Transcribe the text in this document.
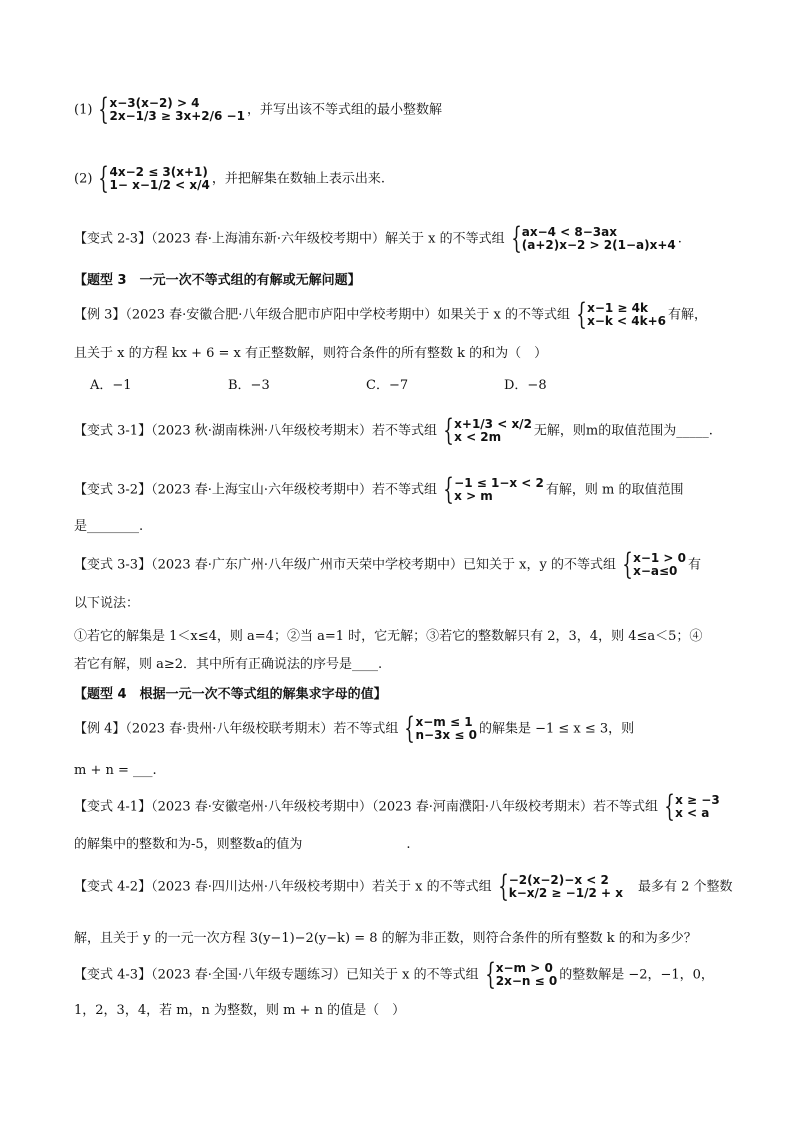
(1) { x−3(x−2) > 4
2x−1/3 ≥ 3x+2/6 −1 ，并写出该不等式组的最小整数解
(2) { 4x−2 ≤ 3(x+1)
1− x−1/2 < x/4 ，并把解集在数轴上表示出来.
【变式 2-3】（2023 春·上海浦东新·六年级校考期中）解关于 x 的不等式组 { ax−4 < 8−3ax
(a+2)x−2 > 2(1−a)x+4 .
【题型 3　一元一次不等式组的有解或无解问题】
【例 3】（2023 春·安徽合肥·八年级合肥市庐阳中学校考期中）如果关于 x 的不等式组 { x−1 ≥ 4k
x−k < 4k+6 有解，
且关于 x 的方程 kx + 6 = x 有正整数解，则符合条件的所有整数 k 的和为（　）
A．−1	B．−3	C．−7	D．−8
【变式 3-1】（2023 秋·湖南株洲·八年级校考期末）若不等式组 { x+1/3 < x/2
x < 2m	无解，则m的取值范围为_____.
【变式 3-2】（2023 春·上海宝山·六年级校考期中）若不等式组 { −1 ≤ 1−x < 2
x > m	有解，则 m 的取值范围
是________.
【变式 3-3】（2023 春·广东广州·八年级广州市天荣中学校考期中）已知关于 x，y 的不等式组 { x−1 > 0
x−a≤0 有
以下说法：
①若它的解集是 1＜x≤4，则 a=4；②当 a=1 时，它无解；③若它的整数解只有 2，3，4，则 4≤a＜5；④
若它有解，则 a≥2．其中所有正确说法的序号是____.
【题型 4　根据一元一次不等式组的解集求字母的值】
【例 4】（2023 春·贵州·八年级校联考期末）若不等式组 { x−m ≤ 1
n−3x ≤ 0 的解集是 −1 ≤ x ≤ 3，则
m + n = ___.
【变式 4-1】（2023 春·安徽亳州·八年级校考期中）（2023 春·河南濮阳·八年级校考期末）若不等式组 { x ≥ −3
x < a
的解集中的整数和为-5，则整数a的值为　　　　　　　　.
【变式 4-2】（2023 春·四川达州·八年级校考期中）若关于 x 的不等式组 { −2(x−2)−x < 2
k−x/2 ≥ −1/2 + x 　最多有 2 个整数
解，且关于 y 的一元一次方程 3(y−1)−2(y−k) = 8 的解为非正数，则符合条件的所有整数 k 的和为多少？
【变式 4-3】（2023 春·全国·八年级专题练习）已知关于 x 的不等式组 { x−m > 0
2x−n ≤ 0 的整数解是 −2，−1，0，
1，2，3，4，若 m，n 为整数，则 m + n 的值是（　）
